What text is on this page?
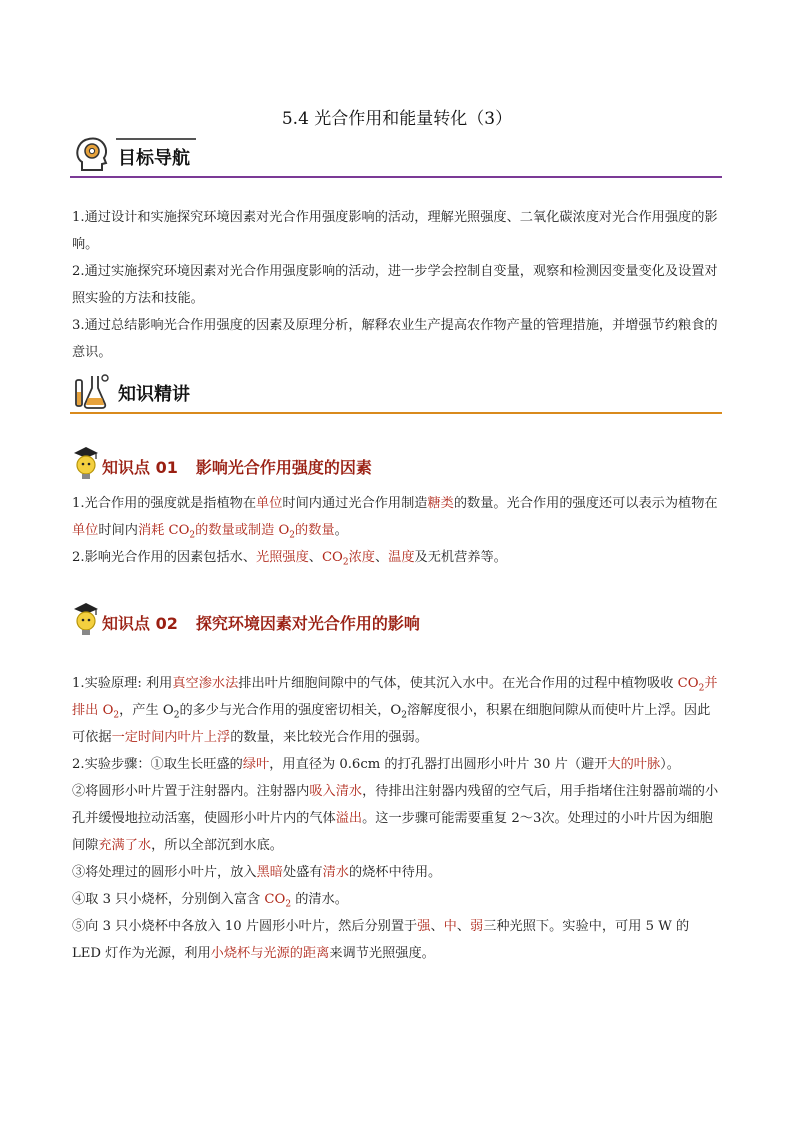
5.4 光合作用和能量转化（3）
目标导航

1.通过设计和实施探究环境因素对光合作用强度影响的活动，理解光照强度、二氧化碳浓度对光合作用强度的影响。

2.通过实施探究环境因素对光合作用强度影响的活动，进一步学会控制自变量，观察和检测因变量变化及设置对照实验的方法和技能。

3.通过总结影响光合作用强度的因素及原理分析，解释农业生产提高农作物产量的管理措施，并增强节约粮食的意识。

知识精讲
知识点 01 影响光合作用强度的因素

1.光合作用的强度就是指植物在单位时间内通过光合作用制造糖类的数量。光合作用的强度还可以表示为植物在单位时间内消耗 $CO_2$的数量或制造 $O_2$的数量。

2.影响光合作用的因素包括水、光照强度、$CO_2$浓度、温度及无机营养等。

知识点 02 探究环境因素对光合作用的影响

1.实验原理: 利用真空渗水法排出叶片细胞间隙中的气体，使其沉入水中。在光合作用的过程中植物吸收 $CO_2$并排出 $O_2$，产生 $O_2$的多少与光合作用的强度密切相关，$O_2$溶解度很小，积累在细胞间隙从而使叶片上浮。因此可依据一定时间内叶片上浮的数量，来比较光合作用的强弱。

2.实验步骤：①取生长旺盛的绿叶，用直径为 0.6cm 的打孔器打出圆形小叶片 30 片（避开大的叶脉）。

②将圆形小叶片置于注射器内。注射器内吸入清水，待排出注射器内残留的空气后，用手指堵住注射器前端的小孔并缓慢地拉动活塞，使圆形小叶片内的气体溢出。这一步骤可能需要重复 2～3次。处理过的小叶片因为细胞间隙充满了水，所以全部沉到水底。

③将处理过的圆形小叶片，放入黑暗处盛有清水的烧杯中待用。

④取 3 只小烧杯，分别倒入富含 $CO_2$ 的清水。

⑤向 3 只小烧杯中各放入 10 片圆形小叶片，然后分别置于强、中、弱三种光照下。实验中，可用 5 W 的 LED 灯作为光源，利用小烧杯与光源的距离来调节光照强度。
